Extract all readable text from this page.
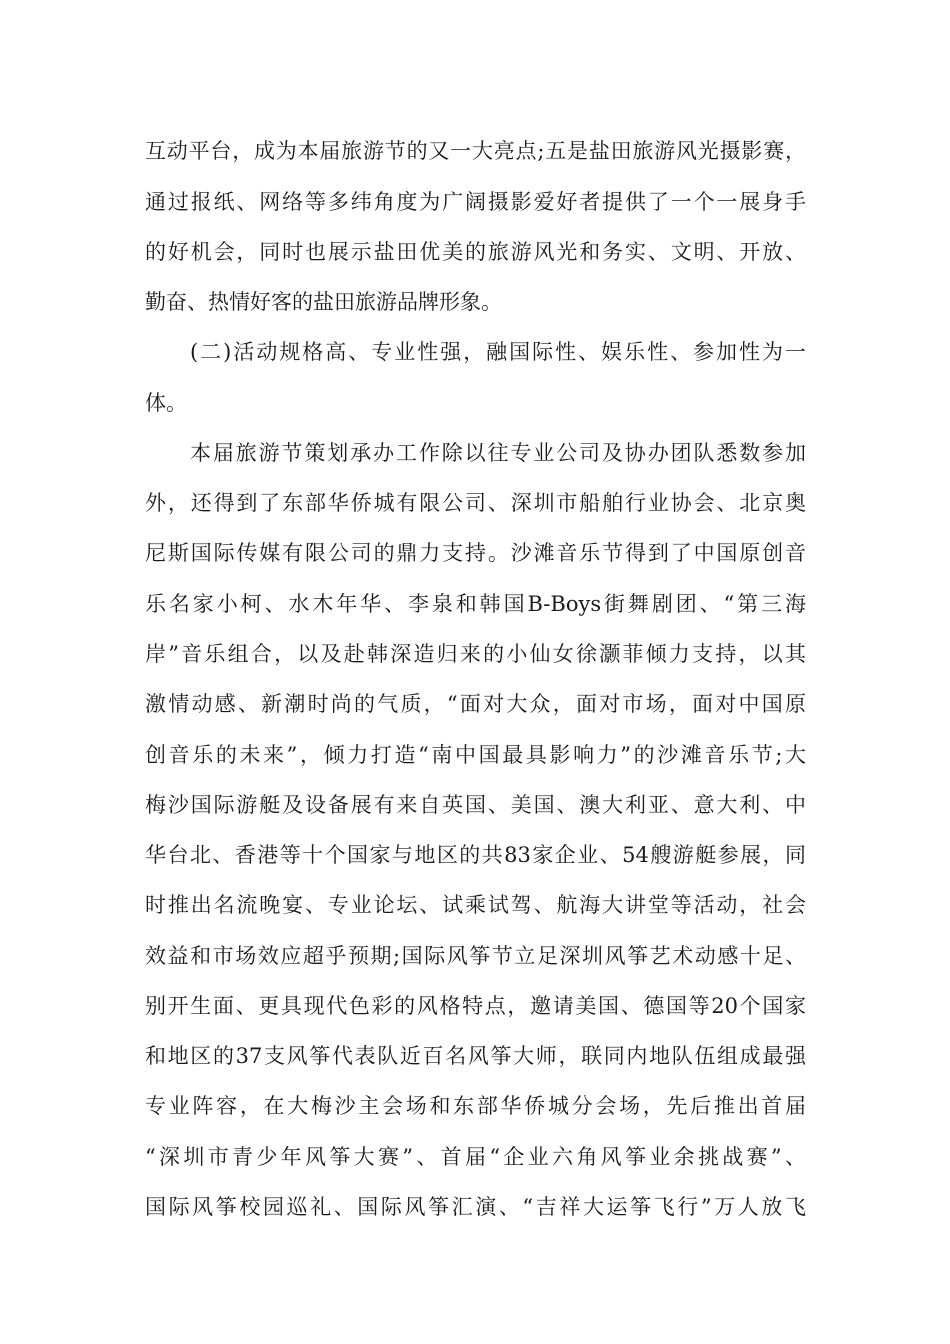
互动平台，成为本届旅游节的又一大亮点;五是盐田旅游风光摄影赛，

通过报纸、网络等多纬角度为广阔摄影爱好者提供了一个一展身手

的好机会，同时也展示盐田优美的旅游风光和务实、文明、开放、

勤奋、热情好客的盐田旅游品牌形象。

(二)活动规格高、专业性强，融国际性、娱乐性、参加性为一

体。

本届旅游节策划承办工作除以往专业公司及协办团队悉数参加

外，还得到了东部华侨城有限公司、深圳市船舶行业协会、北京奥

尼斯国际传媒有限公司的鼎力支持。沙滩音乐节得到了中国原创音

乐名家小柯、水木年华、李泉和韩国B-Boys街舞剧团、“第三海

岸”音乐组合，以及赴韩深造归来的小仙女徐灏菲倾力支持，以其

激情动感、新潮时尚的气质，“面对大众，面对市场，面对中国原

创音乐的未来”，倾力打造“南中国最具影响力”的沙滩音乐节;大

梅沙国际游艇及设备展有来自英国、美国、澳大利亚、意大利、中

华台北、香港等十个国家与地区的共83家企业、54艘游艇参展，同

时推出名流晚宴、专业论坛、试乘试驾、航海大讲堂等活动，社会

效益和市场效应超乎预期;国际风筝节立足深圳风筝艺术动感十足、

别开生面、更具现代色彩的风格特点，邀请美国、德国等20个国家

和地区的37支风筝代表队近百名风筝大师，联同内地队伍组成最强

专业阵容，在大梅沙主会场和东部华侨城分会场，先后推出首届

“深圳市青少年风筝大赛”、首届“企业六角风筝业余挑战赛”、

国际风筝校园巡礼、国际风筝汇演、“吉祥大运筝飞行”万人放飞
